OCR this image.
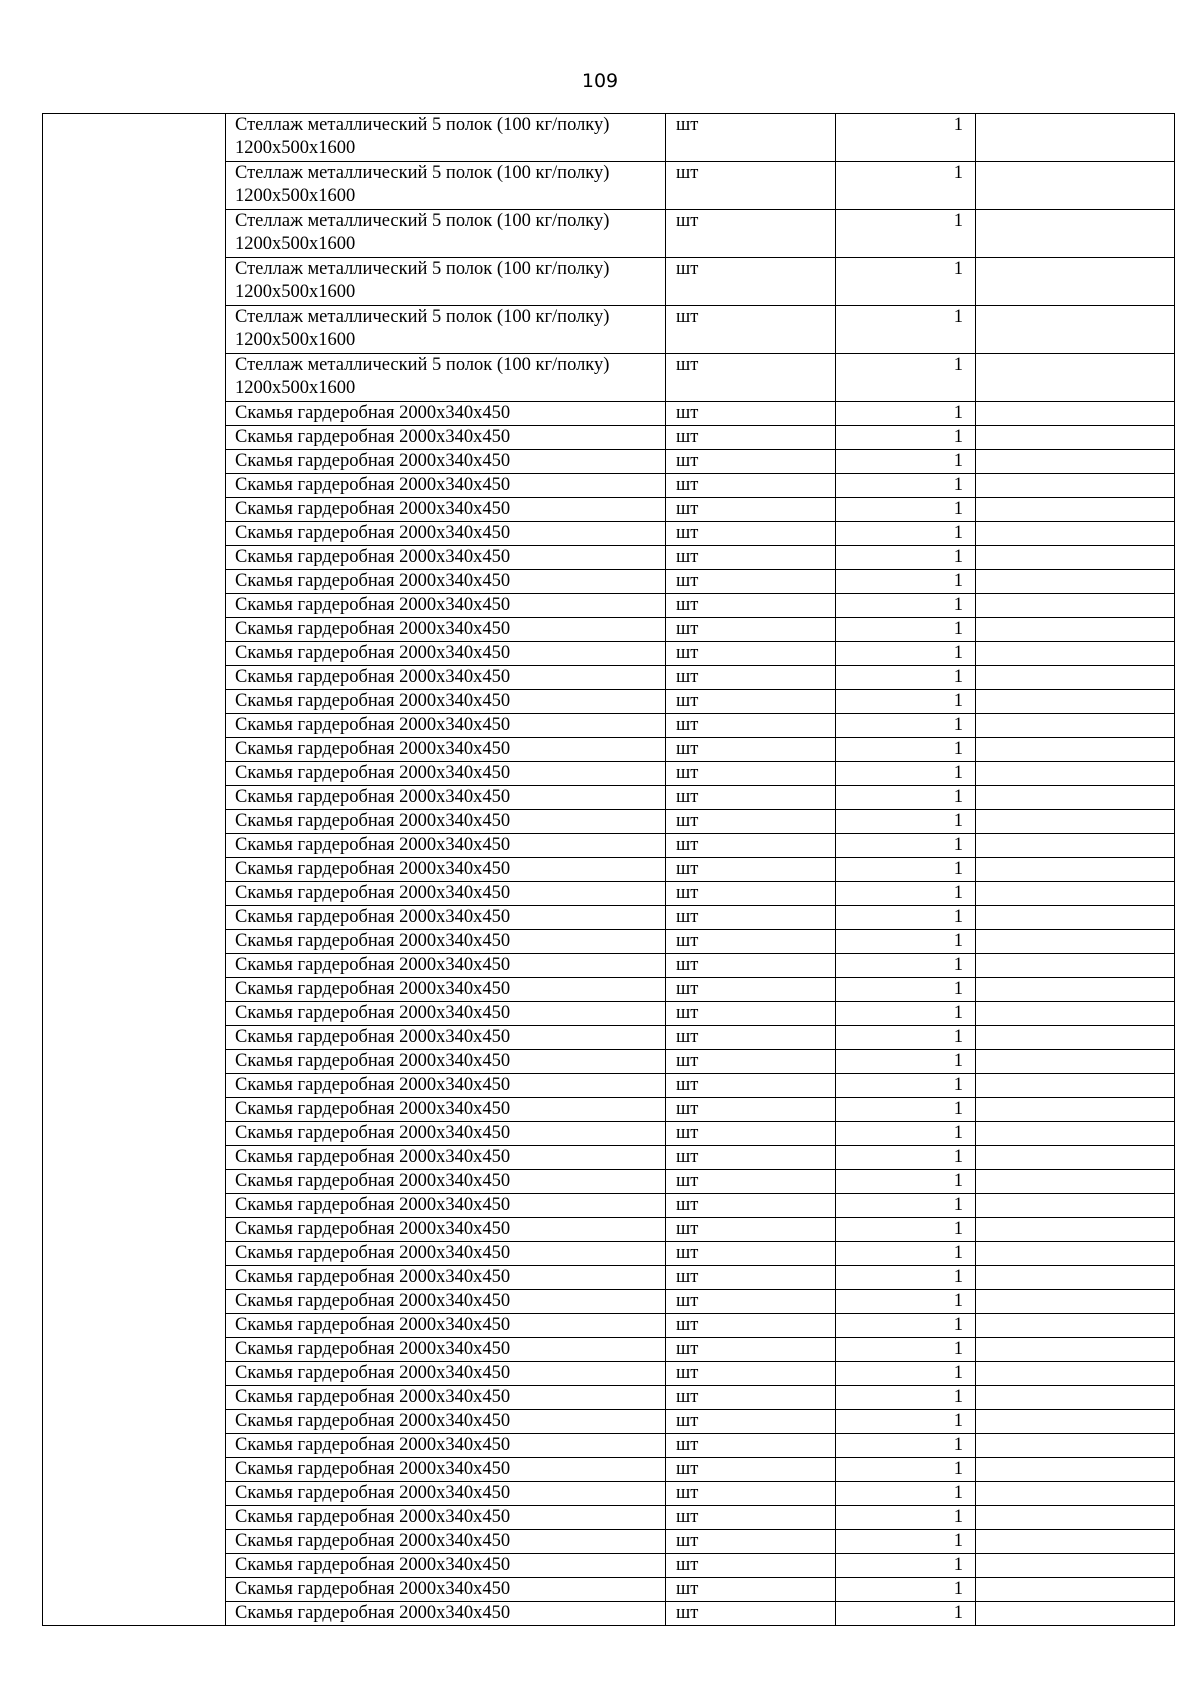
109
	Стеллаж металлический 5 полок (100 кг/полку) 1200х500х1600	шт	1	
	Стеллаж металлический 5 полок (100 кг/полку) 1200х500х1600	шт	1	
	Стеллаж металлический 5 полок (100 кг/полку) 1200х500х1600	шт	1	
	Стеллаж металлический 5 полок (100 кг/полку) 1200х500х1600	шт	1	
	Стеллаж металлический 5 полок (100 кг/полку) 1200х500х1600	шт	1	
	Стеллаж металлический 5 полок (100 кг/полку) 1200х500х1600	шт	1	
	Скамья гардеробная 2000х340х450	шт	1	
	Скамья гардеробная 2000х340х450	шт	1	
	Скамья гардеробная 2000х340х450	шт	1	
	Скамья гардеробная 2000х340х450	шт	1	
	Скамья гардеробная 2000х340х450	шт	1	
	Скамья гардеробная 2000х340х450	шт	1	
	Скамья гардеробная 2000х340х450	шт	1	
	Скамья гардеробная 2000х340х450	шт	1	
	Скамья гардеробная 2000х340х450	шт	1	
	Скамья гардеробная 2000х340х450	шт	1	
	Скамья гардеробная 2000х340х450	шт	1	
	Скамья гардеробная 2000х340х450	шт	1	
	Скамья гардеробная 2000х340х450	шт	1	
	Скамья гардеробная 2000х340х450	шт	1	
	Скамья гардеробная 2000х340х450	шт	1	
	Скамья гардеробная 2000х340х450	шт	1	
	Скамья гардеробная 2000х340х450	шт	1	
	Скамья гардеробная 2000х340х450	шт	1	
	Скамья гардеробная 2000х340х450	шт	1	
	Скамья гардеробная 2000х340х450	шт	1	
	Скамья гардеробная 2000х340х450	шт	1	
	Скамья гардеробная 2000х340х450	шт	1	
	Скамья гардеробная 2000х340х450	шт	1	
	Скамья гардеробная 2000х340х450	шт	1	
	Скамья гардеробная 2000х340х450	шт	1	
	Скамья гардеробная 2000х340х450	шт	1	
	Скамья гардеробная 2000х340х450	шт	1	
	Скамья гардеробная 2000х340х450	шт	1	
	Скамья гардеробная 2000х340х450	шт	1	
	Скамья гардеробная 2000х340х450	шт	1	
	Скамья гардеробная 2000х340х450	шт	1	
	Скамья гардеробная 2000х340х450	шт	1	
	Скамья гардеробная 2000х340х450	шт	1	
	Скамья гардеробная 2000х340х450	шт	1	
	Скамья гардеробная 2000х340х450	шт	1	
	Скамья гардеробная 2000х340х450	шт	1	
	Скамья гардеробная 2000х340х450	шт	1	
	Скамья гардеробная 2000х340х450	шт	1	
	Скамья гардеробная 2000х340х450	шт	1	
	Скамья гардеробная 2000х340х450	шт	1	
	Скамья гардеробная 2000х340х450	шт	1	
	Скамья гардеробная 2000х340х450	шт	1	
	Скамья гардеробная 2000х340х450	шт	1	
	Скамья гардеробная 2000х340х450	шт	1	
	Скамья гардеробная 2000х340х450	шт	1	
	Скамья гардеробная 2000х340х450	шт	1	
	Скамья гардеробная 2000х340х450	шт	1	
	Скамья гардеробная 2000х340х450	шт	1	
	Скамья гардеробная 2000х340х450	шт	1	
	Скамья гардеробная 2000х340х450	шт	1	
	Скамья гардеробная 2000х340х450	шт	1	
